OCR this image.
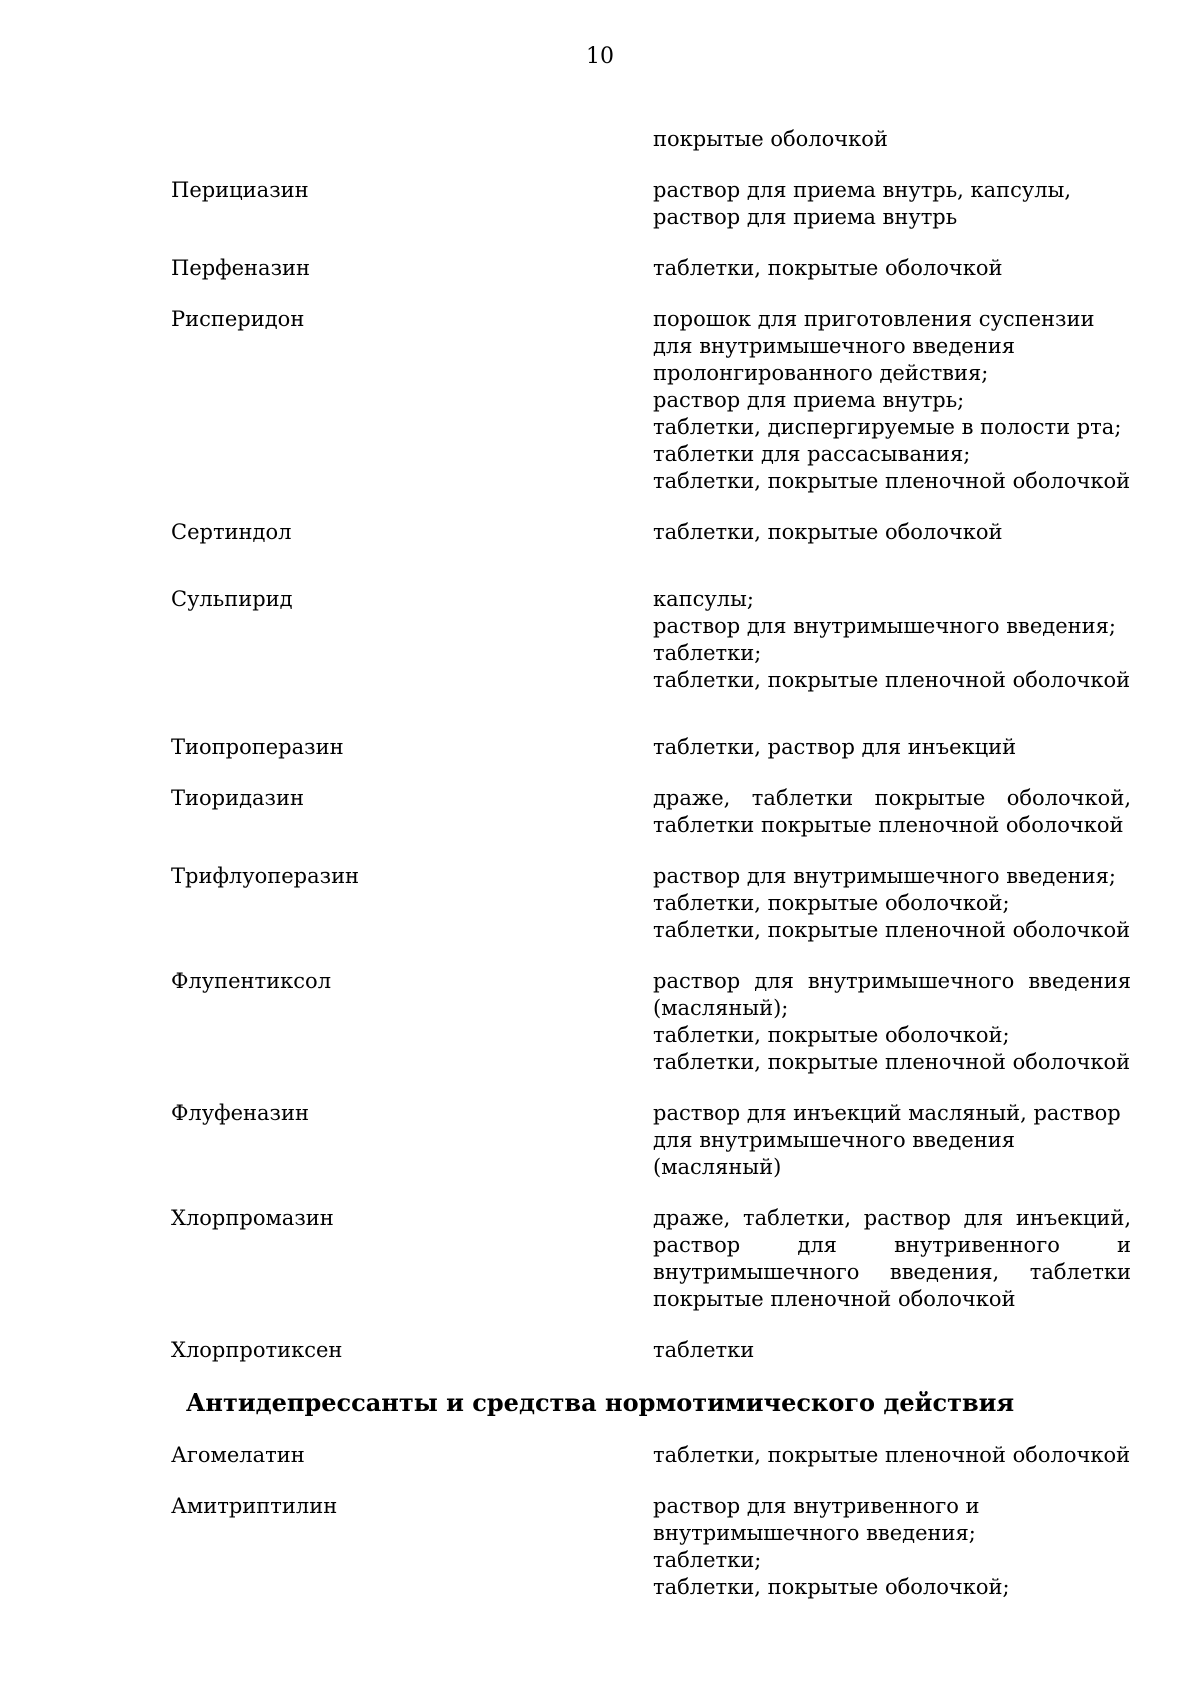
10
покрытые оболочкой
Перициазин	раствор для приема внутрь, капсулы, раствор для приема внутрь
Перфеназин	таблетки, покрытые оболочкой
Рисперидон	порошок для приготовления суспензии для внутримышечного введения пролонгированного действия;
раствор для приема внутрь;
таблетки, диспергируемые в полости рта;
таблетки для рассасывания;
таблетки, покрытые пленочной оболочкой
Сертиндол	таблетки, покрытые оболочкой
Сульпирид	капсулы;
раствор для внутримышечного введения;
таблетки;
таблетки, покрытые пленочной оболочкой
Тиопроперазин	таблетки, раствор для инъекций
Тиоридазин	драже, таблетки покрытые оболочкой, таблетки покрытые пленочной оболочкой
Трифлуоперазин	раствор для внутримышечного введения;
таблетки, покрытые оболочкой;
таблетки, покрытые пленочной оболочкой
Флупентиксол	раствор для внутримышечного введения (масляный);
таблетки, покрытые оболочкой;
таблетки, покрытые пленочной оболочкой
Флуфеназин	раствор для инъекций масляный, раствор для внутримышечного введения (масляный)
Хлорпромазин	драже, таблетки, раствор для инъекций, раствор для внутривенного и внутримышечного введения, таблетки покрытые пленочной оболочкой
Хлорпротиксен	таблетки
Антидепрессанты и средства нормотимического действия
Агомелатин	таблетки, покрытые пленочной оболочкой
Амитриптилин	раствор для внутривенного и внутримышечного введения;
таблетки;
таблетки, покрытые оболочкой;
